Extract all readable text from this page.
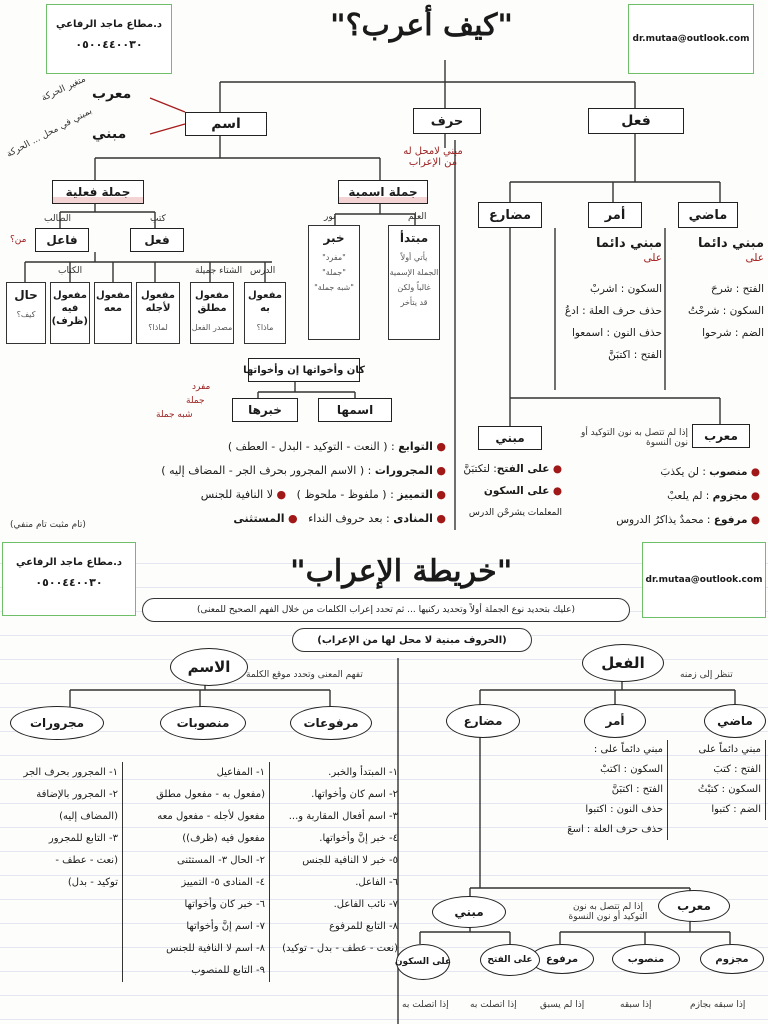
د.مطاع ماجد الرفاعي
٠٥٠٠٤٤٠٠٣٠	dr.mutaa@outlook.com
"كيف أعرب؟"
اسم	حرف	فعل
معرب
مبني
متغير الحركة
بمبني في محل ... الحركة	مبني لامحل له من الإعراب
جملة فعلية	جملة اسمية
فاعل	فعل
الطالب	كتب
من؟	خبر
"مفرد"
"جملة"
"شبه جملة"
مبتدأ
يأتي أولاً
الجملة الإسمية
غالباً ولكن
قد يتأخر
نور	العلم
مفعول به
ماذا؟
مفعول مطلق
مصدر الفعل
مفعول لأجله
لماذا؟
مفعول معه
مفعول فيه (ظرف)
حال
كيف؟
الدرس
الشتاء جميلة
الكتاب
كان وأخواتها إن وأخواتها
اسمها
خبرها
مفرد
جملة
شبه جملة
● التوابع : ( النعت - التوكيد - البدل - العطف )
● المجرورات : ( الاسم المجرور بحرف الجر - المضاف إليه )
● التمييز : ( ملفوظ - ملحوظ )   ● لا النافية للجنس
● المنادى : بعد حروف النداء   ● المستثنى
(تام مثبت تام منفي)
ماضي
أمر
مضارع
مبني دائما
على
الفتح : شرحَ
السكون : شرحْتُ
الضم : شرحوا
مبني دائما
على
السكون : اشربْ
حذف حرف العلة : ادعُ
حذف النون : اسمعوا
الفتح : اكتبَنَّ
معرب
مبني	إذا لم تتصل به نون التوكيد أو نون النسوة
● منصوب : لن يكذبَ
● مجزوم : لم يلعبْ
● مرفوع : محمدٌ يذاكرُ الدروس
● على الفتح: لتكتبَنَّ
● على السكون
المعلمات يشرحْن الدرس
د.مطاع ماجد الرفاعي
٠٥٠٠٤٤٠٠٣٠	dr.mutaa@outlook.com
"خريطة الإعراب"
(عليك بتحديد نوع الجملة أولاً وتحديد ركنيها ... ثم تحدد إعراب الكلمات من خلال الفهم الصحيح للمعنى)
(الحروف مبنية لا محل لها من الإعراب)
الاسم	الفعل
تفهم المعنى وتحدد موقع الكلمة	تنظر إلى زمنه
مجرورات	منصوبات	مرفوعات
١- المبتدأ والخبر.
٢- اسم كان وأخواتها.
٣- اسم أفعال المقاربة و...
٤- خبر إنَّ وأخواتها.
٥- خبر لا النافية للجنس
٦- الفاعل.
٧- نائب الفاعل.
٨- التابع للمرفوع
(نعت - عطف - بدل - توكيد)
١- المفاعيل
(مفعول به - مفعول مطلق
مفعول لأجله - مفعول معه
مفعول فيه (ظرف))
٢- الحال ٣- المستثنى
٤- المنادى ٥- التمييز
٦- خبر كان وأخواتها
٧- اسم إنَّ وأخواتها
٨- اسم لا النافية للجنس
٩- التابع للمنصوب
١- المجرور بحرف الجر
٢- المجرور بالإضافة
(المضاف إليه)
٣- التابع للمجرور
(نعت - عطف -
توكيد - بدل)
مضارع	أمر	ماضي
مبني دائماً على :
السكون : اكتبْ
الفتح : اكتبَنَّ
حذف النون : اكتبوا
حذف حرف العلة : اسعَ
مبني دائماً على
الفتح : كتبَ
السكون : كتبْتُ
الضم : كتبوا
معرب
مبني	إذا لم تتصل به نون التوكيد أو نون النسوة
مرفوع	منصوب	مجزوم
على السكون	على الفتح
إذا اتصلت به إذا اتصلت به	إذا لم يسبق	إذا سبقه	إذا سبقه بجازم
